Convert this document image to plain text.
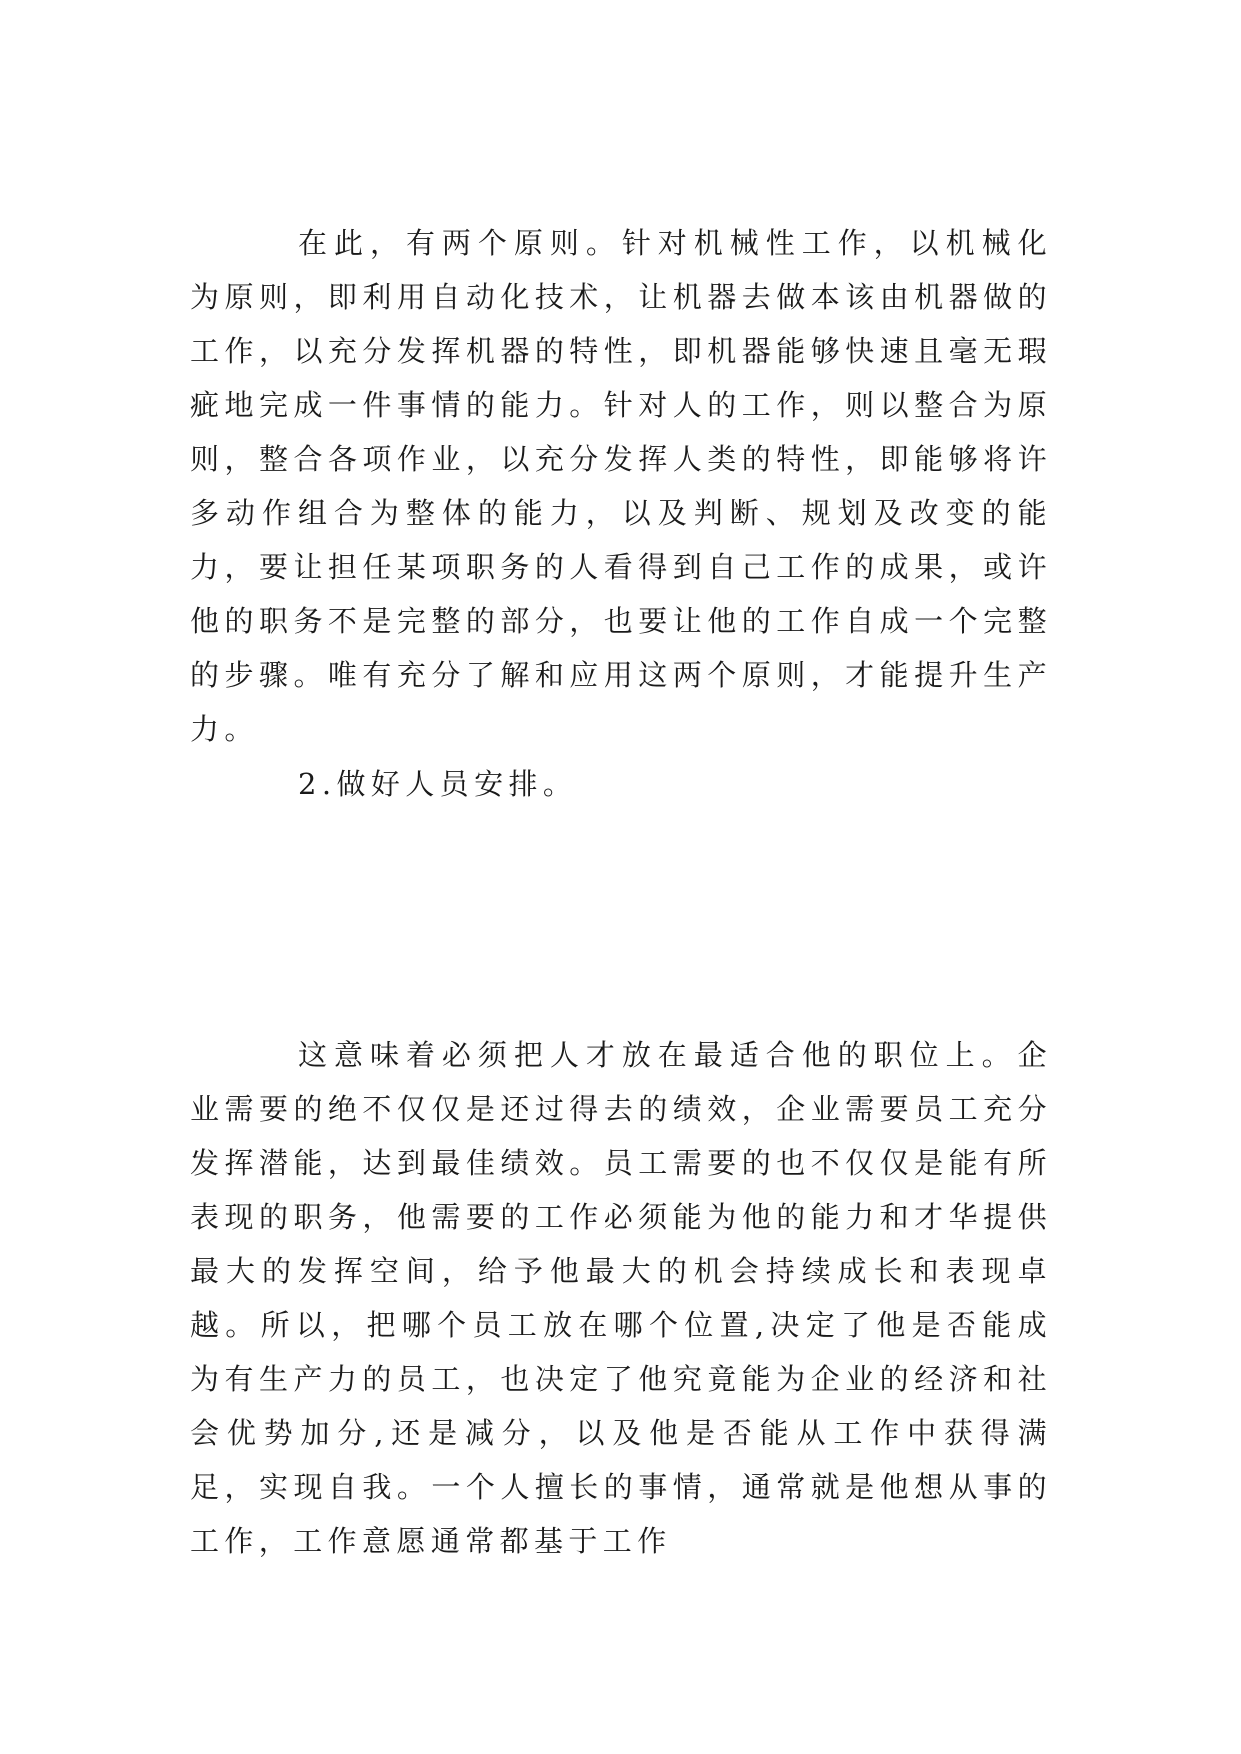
在此，有两个原则。针对机械性工作，以机械化为原则，即利用自动化技术，让机器去做本该由机器做的工作，以充分发挥机器的特性，即机器能够快速且毫无瑕疵地完成一件事情的能力。针对人的工作，则以整合为原则，整合各项作业，以充分发挥人类的特性，即能够将许多动作组合为整体的能力，以及判断、规划及改变的能力，要让担任某项职务的人看得到自己工作的成果，或许他的职务不是完整的部分，也要让他的工作自成一个完整的步骤。唯有充分了解和应用这两个原则，才能提升生产力。

2.做好人员安排。

这意味着必须把人才放在最适合他的职位上。企业需要的绝不仅仅是还过得去的绩效，企业需要员工充分发挥潜能，达到最佳绩效。员工需要的也不仅仅是能有所表现的职务，他需要的工作必须能为他的能力和才华提供最大的发挥空间，给予他最大的机会持续成长和表现卓越。所以，把哪个员工放在哪个位置,决定了他是否能成为有生产力的员工，也决定了他究竟能为企业的经济和社会优势加分,还是减分，以及他是否能从工作中获得满足，实现自我。一个人擅长的事情，通常就是他想从事的工作，工作意愿通常都基于工作
